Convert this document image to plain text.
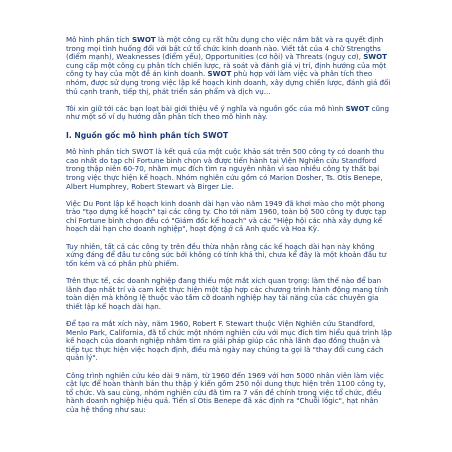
Mô hình phân tích SWOT là một công cụ rất hữu dụng cho việc nắm bắt và ra quyết định trong mọi tình huống đối với bất cứ tổ chức kinh doanh nào. Viết tắt của 4 chữ Strengths (điểm mạnh), Weaknesses (điểm yếu), Opportunities (cơ hội) và Threats (nguy cơ), SWOT cung cấp một công cụ phân tích chiến lược, rà soát và đánh giá vị trí, định hướng của một công ty hay của một đề án kinh doanh. SWOT phù hợp với làm việc và phân tích theo nhóm, được sử dụng trong việc lập kế hoạch kinh doanh, xây dựng chiến lược, đánh giá đối thủ cạnh tranh, tiếp thị, phát triển sản phẩm và dịch vụ...

Tôi xin giữ tới các bạn loạt bài giới thiệu về ý nghĩa và nguồn gốc của mô hình SWOT cũng như một số ví dụ hướng dẫn phân tích theo mô hình này.

I. Nguồn gốc mô hình phân tích SWOT

Mô hình phân tích SWOT là kết quả của một cuộc khảo sát trên 500 công ty có doanh thu cao nhất do tạp chí Fortune bình chọn và được tiến hành tại Viện Nghiên cứu Standford trong thập niên 60-70, nhằm mục đích tìm ra nguyên nhân vì sao nhiều công ty thất bại trong việc thực hiện kế hoạch. Nhóm nghiên cứu gồm có Marion Dosher, Ts. Otis Benepe, Albert Humphrey, Robert Stewart và Birger Lie.

Việc Du Pont lập kế hoạch kinh doanh dài hạn vào năm 1949 đã khơi mào cho một phong trào "tạo dựng kế hoạch" tại các công ty. Cho tới năm 1960, toàn bộ 500 công ty được tạp chí Fortune bình chọn đều có "Giám đốc kế hoạch" và các "Hiệp hội các nhà xây dựng kế hoạch dài hạn cho doanh nghiệp", hoạt động ở cả Anh quốc và Hoa Kỳ.

Tuy nhiên, tất cả các công ty trên đều thừa nhận rằng các kế hoạch dài hạn này không xứng đáng để đầu tư công sức bởi không có tính khả thi, chưa kể đây là một khoản đầu tư tốn kém và có phần phù phiếm.

Trên thực tế, các doanh nghiệp đang thiếu một mắt xích quan trọng: làm thế nào để ban lãnh đạo nhất trí và cam kết thực hiện một tập hợp các chương trình hành động mang tính toàn diện mà không lệ thuộc vào tầm cỡ doanh nghiệp hay tài năng của các chuyên gia thiết lập kế hoạch dài hạn.

Để tạo ra mắt xích này, năm 1960, Robert F. Stewart thuộc Viện Nghiên cứu Standford, Menlo Park, California, đã tổ chức một nhóm nghiên cứu với mục đích tìm hiểu quá trình lập kế hoạch của doanh nghiệp nhằm tìm ra giải pháp giúp các nhà lãnh đạo đồng thuận và tiếp tục thực hiện việc hoạch định, điều mà ngày nay chúng ta gọi là "thay đổi cung cách quản lý".

Công trình nghiên cứu kéo dài 9 năm, từ 1960 đến 1969 với hơn 5000 nhân viên làm việc cật lực để hoàn thành bản thu thập ý kiến gồm 250 nội dung thực hiện trên 1100 công ty, tổ chức. Và sau cùng, nhóm nghiên cứu đã tìm ra 7 vấn đề chính trong việc tổ chức, điều hành doanh nghiệp hiệu quả. Tiến sĩ Otis Benepe đã xác định ra "Chuỗi lôgic", hạt nhân của hệ thống như sau:
